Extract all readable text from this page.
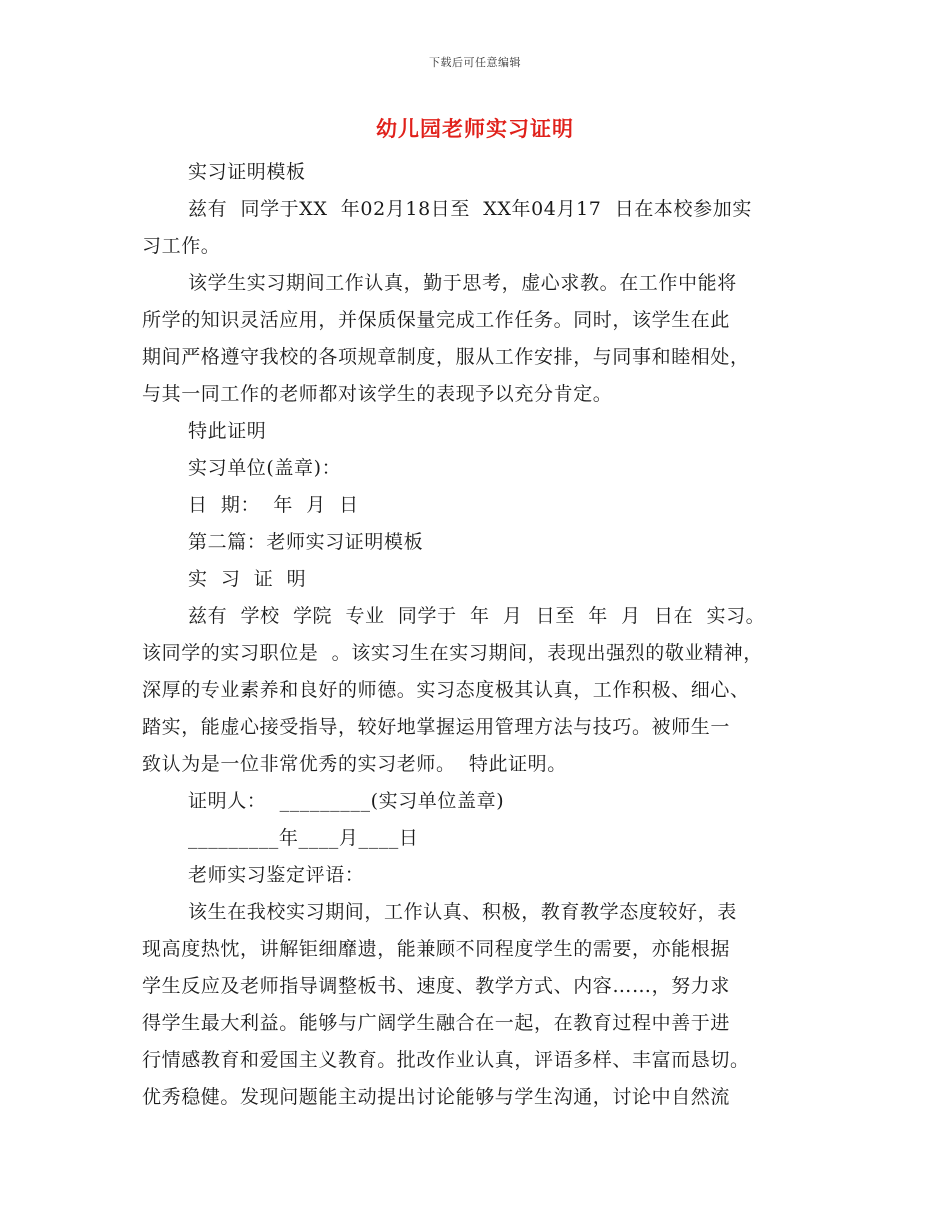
下载后可任意编辑
幼儿园老师实习证明
实习证明模板
兹有  同学于XX  年02月18日至  XX年04月17  日在本校参加实
习工作。
该学生实习期间工作认真，勤于思考，虚心求教。在工作中能将
所学的知识灵活应用，并保质保量完成工作任务。同时，该学生在此
期间严格遵守我校的各项规章制度，服从工作安排，与同事和睦相处，
与其一同工作的老师都对该学生的表现予以充分肯定。
特此证明
实习单位(盖章)：
日  期：  年  月  日
第二篇：老师实习证明模板
实  习  证  明
兹有  学校  学院  专业  同学于  年  月  日至  年  月  日在  实习。
该同学的实习职位是  。该实习生在实习期间，表现出强烈的敬业精神，
深厚的专业素养和良好的师德。实习态度极其认真，工作积极、细心、
踏实，能虚心接受指导，较好地掌握运用管理方法与技巧。被师生一
致认为是一位非常优秀的实习老师。  特此证明。
证明人：  _________(实习单位盖章)
_________年____月____日
老师实习鉴定评语：
该生在我校实习期间，工作认真、积极，教育教学态度较好，表
现高度热忱，讲解钜细靡遗，能兼顾不同程度学生的需要，亦能根据
学生反应及老师指导调整板书、速度、教学方式、内容……，努力求
得学生最大利益。能够与广阔学生融合在一起，在教育过程中善于进
行情感教育和爱国主义教育。批改作业认真，评语多样、丰富而恳切。
优秀稳健。发现问题能主动提出讨论能够与学生沟通，讨论中自然流
